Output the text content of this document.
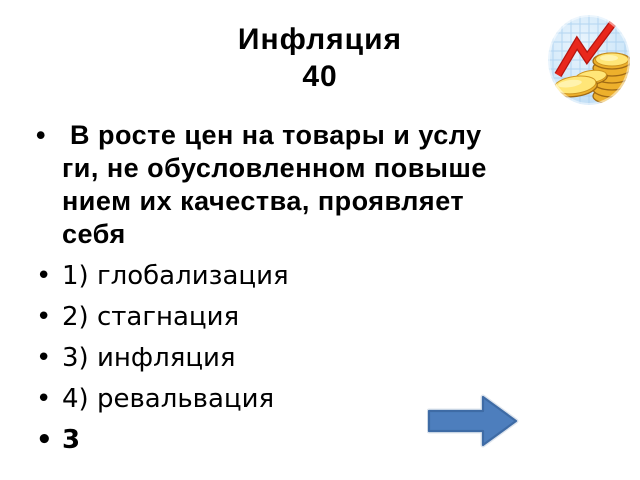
Инфляция
40
• В росте цен на товары и услу
ги, не обусловленном повыше
нием их качества, проявляет
себя
• 1) глобализация
• 2) стагнация
• 3) инфляция
• 4) ревальвация
• 3
